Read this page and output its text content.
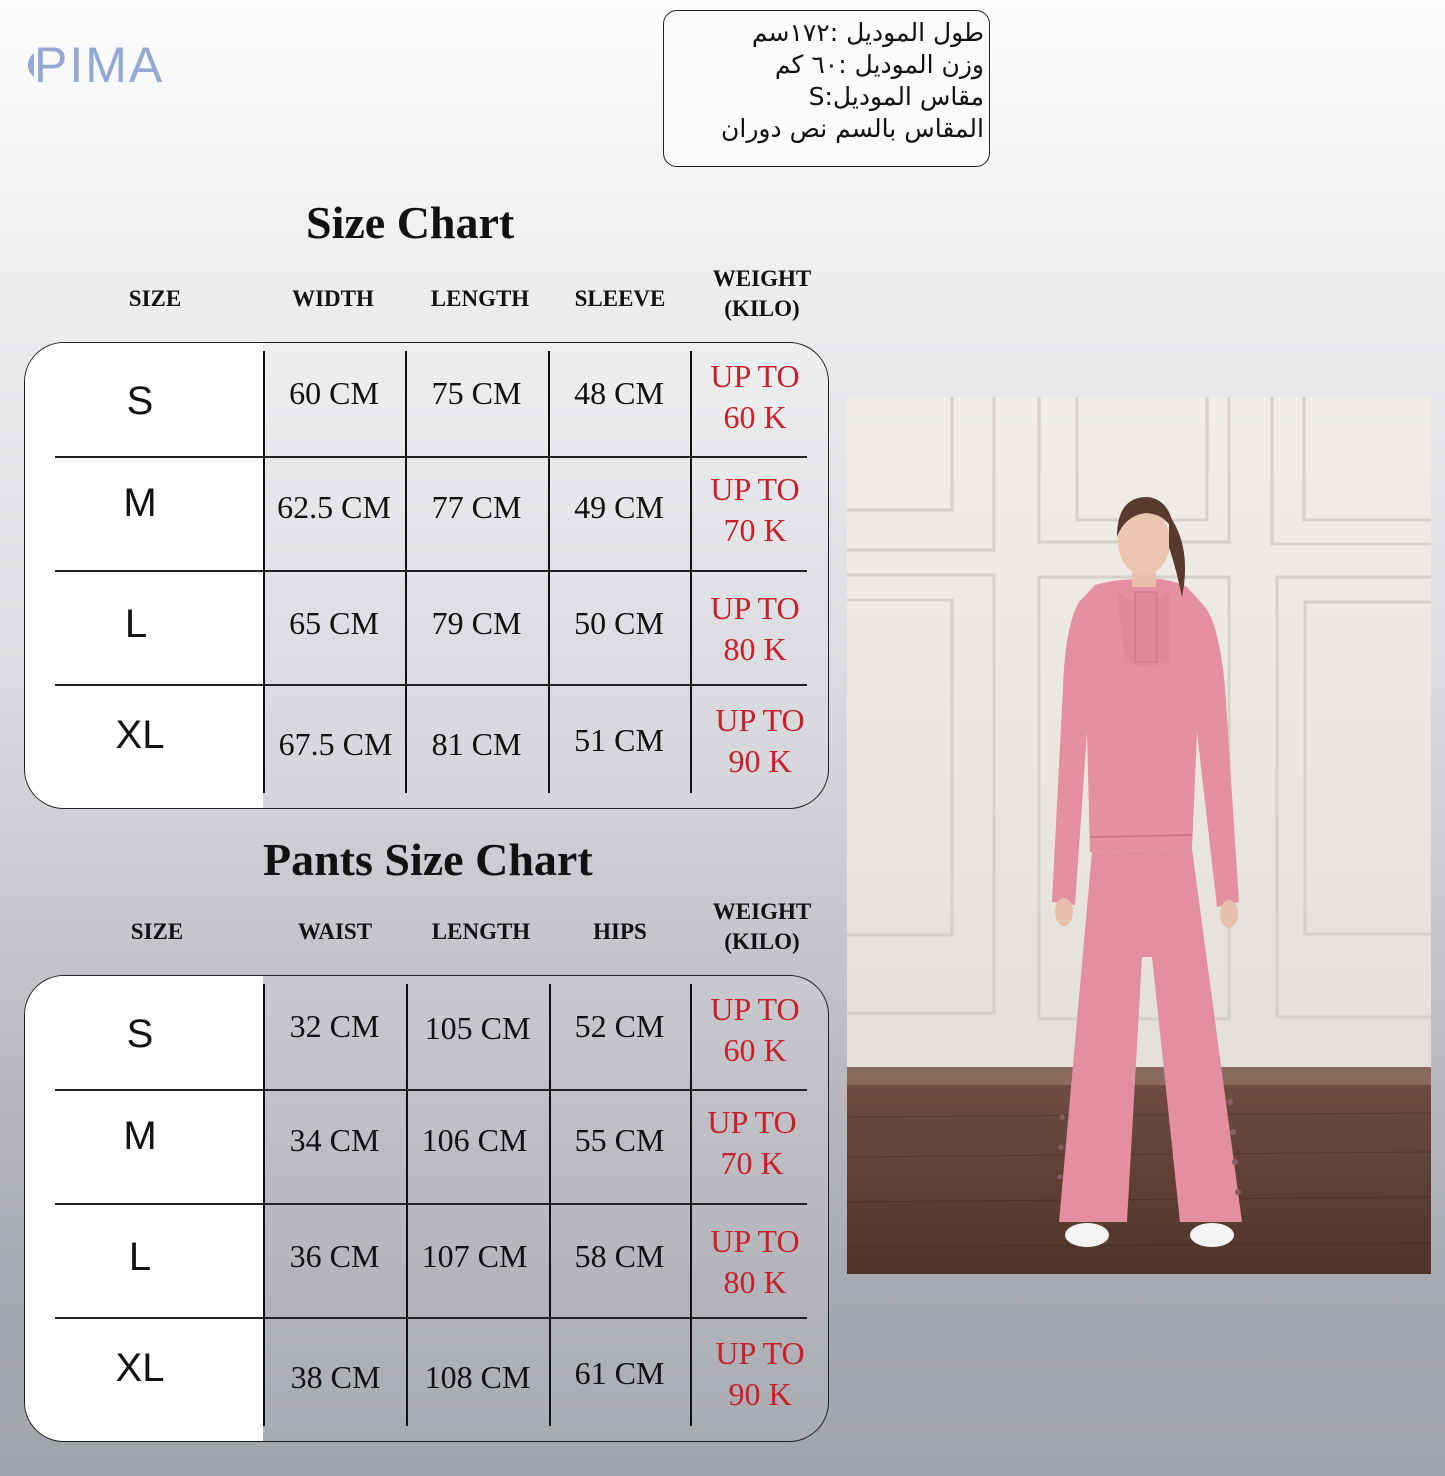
PIMA
طول الموديل :١٧٢سم
وزن الموديل :٦٠ كم
مقاس الموديل:S
المقاس بالسم نص دوران
Size Chart
SIZE	WIDTH	LENGTH	SLEEVE
WEIGHT
(KILO)
S	60 CM	75 CM	48 CM	UP TO
60 K
M	62.5 CM	77 CM	49 CM	UP TO
70 K
L	65 CM	79 CM	50 CM	UP TO
80 K
XL	67.5 CM	81 CM	51 CM
UP TO
90 K
Pants Size Chart
SIZE	WAIST	LENGTH	HIPS
WEIGHT
(KILO)
S	32 CM	105 CM	52 CM	UP TO
60 K
M	34 CM	106 CM	55 CM	UP TO
70 K
L	36 CM	107 CM	58 CM	UP TO
80 K
XL	38 CM	108 CM	61 CM
UP TO
90 K
